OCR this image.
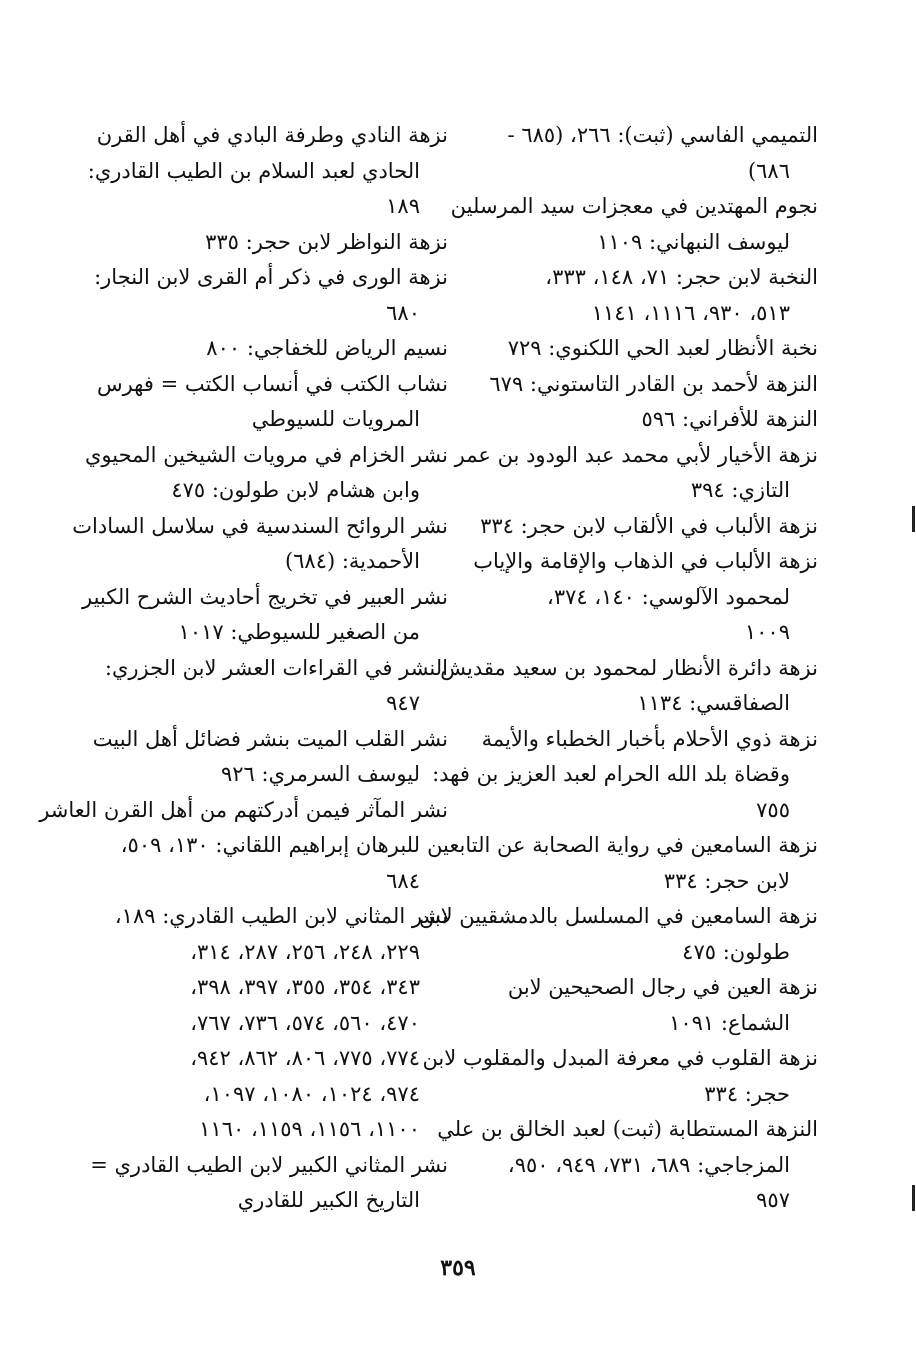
التميمي الفاسي (ثبت): ٢٦٦، (٦٨٥ -
٦٨٦)
نجوم المهتدين في معجزات سيد المرسلين
ليوسف النبهاني: ١١٠٩
النخبة لابن حجر: ٧١، ١٤٨، ٣٣٣،
٥١٣، ٩٣٠، ١١١٦، ١١٤١
نخبة الأنظار لعبد الحي اللكنوي: ٧٢٩
النزهة لأحمد بن القادر التاستوني: ٦٧٩
النزهة للأفراني: ٥٩٦
نزهة الأخيار لأبي محمد عبد الودود بن عمر
التازي: ٣٩٤
نزهة الألباب في الألقاب لابن حجر: ٣٣٤
نزهة الألباب في الذهاب والإقامة والإياب
لمحمود الآلوسي: ١٤٠، ٣٧٤،
١٠٠٩
نزهة دائرة الأنظار لمحمود بن سعيد مقديش
الصفاقسي: ١١٣٤
نزهة ذوي الأحلام بأخبار الخطباء والأيمة
وقضاة بلد الله الحرام لعبد العزيز بن فهد:
٧٥٥
نزهة السامعين في رواية الصحابة عن التابعين
لابن حجر: ٣٣٤
نزهة السامعين في المسلسل بالدمشقيين لابن
طولون: ٤٧٥
نزهة العين في رجال الصحيحين لابن
الشماع: ١٠٩١
نزهة القلوب في معرفة المبدل والمقلوب لابن
حجر: ٣٣٤
النزهة المستطابة (ثبت) لعبد الخالق بن علي
المزجاجي: ٦٨٩، ٧٣١، ٩٤٩، ٩٥٠،
٩٥٧
نزهة النادي وطرفة البادي في أهل القرن
الحادي لعبد السلام بن الطيب القادري:
١٨٩
نزهة النواظر لابن حجر: ٣٣٥
نزهة الورى في ذكر أم القرى لابن النجار:
٦٨٠
نسيم الرياض للخفاجي: ٨٠٠
نشاب الكتب في أنساب الكتب = فهرس
المرويات للسيوطي
نشر الخزام في مرويات الشيخين المحيوي
وابن هشام لابن طولون: ٤٧٥
نشر الروائح السندسية في سلاسل السادات
الأحمدية: (٦٨٤)
نشر العبير في تخريج أحاديث الشرح الكبير
من الصغير للسيوطي: ١٠١٧
النشر في القراءات العشر لابن الجزري:
٩٤٧
نشر القلب الميت بنشر فضائل أهل البيت
ليوسف السرمري: ٩٢٦
نشر المآثر فيمن أدركتهم من أهل القرن العاشر
للبرهان إبراهيم اللقاني: ١٣٠، ٥٠٩،
٦٨٤
نشر المثاني لابن الطيب القادري: ١٨٩،
٢٢٩، ٢٤٨، ٢٥٦، ٢٨٧، ٣١٤،
٣٤٣، ٣٥٤، ٣٥٥، ٣٩٧، ٣٩٨،
٤٧٠، ٥٦٠، ٥٧٤، ٧٣٦، ٧٦٧،
٧٧٤، ٧٧٥، ٨٠٦، ٨٦٢، ٩٤٢،
٩٧٤، ١٠٢٤، ١٠٨٠، ١٠٩٧،
١١٠٠، ١١٥٦، ١١٥٩، ١١٦٠
نشر المثاني الكبير لابن الطيب القادري =
التاريخ الكبير للقادري
٣٥٩
